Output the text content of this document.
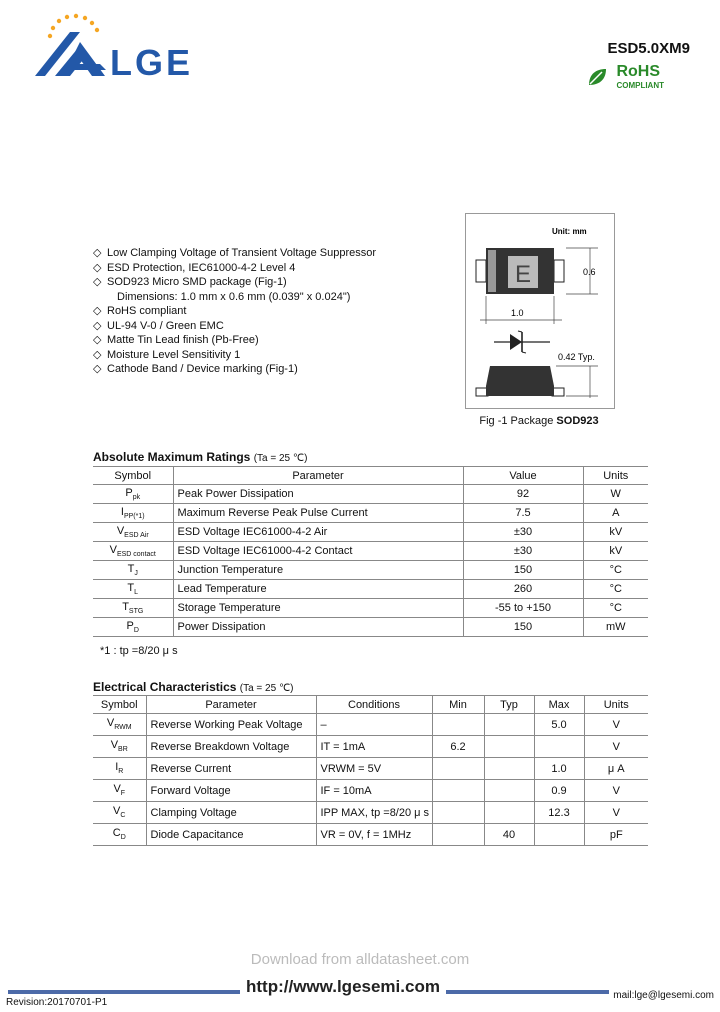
LGE	ESD5.0XM9
RoHS
COMPLIANT
◇ Low Clamping Voltage of Transient Voltage Suppressor
◇ ESD Protection, IEC61000-4-2 Level 4
◇ SOD923 Micro SMD package (Fig-1)
Dimensions: 1.0 mm x 0.6 mm (0.039" x 0.024")
◇ RoHS compliant
◇ UL-94 V-0 / Green EMC
◇ Matte Tin Lead finish (Pb-Free)
◇ Moisture Level Sensitivity 1
◇ Cathode Band / Device marking (Fig-1)
Unit: mm
E	0.6
1.0
0.42 Typ.
Fig -1 Package SOD923
Absolute Maximum Ratings (Ta = 25 ℃)
Symbol	Parameter	Value	Units
$P_{pk}$	Peak Power Dissipation	92	W
$I_{PP(*1)}$	Maximum Reverse Peak Pulse Current	7.5	A
$V_{ESD Air}$	ESD Voltage IEC61000-4-2 Air	±30	kV
$V_{ESD contact}$	ESD Voltage IEC61000-4-2 Contact	±30	kV
$T_J$	Junction Temperature	150	°C
$T_L$	Lead Temperature	260	°C
$T_{STG}$	Storage Temperature	-55 to +150	°C
$P_D$	Power Dissipation	150	mW
*1 : tp =8/20 μ s
Electrical Characteristics (Ta = 25 ℃)
Symbol	Parameter	Conditions	Min	Typ	Max	Units
$V_{RWM}$	Reverse Working Peak Voltage	–			5.0	V
$V_{BR}$	Reverse Breakdown Voltage	IT = 1mA	6.2			V
$I_R$	Reverse Current	VRWM = 5V			1.0	μ A
$V_F$	Forward Voltage	IF = 10mA			0.9	V
$V_C$	Clamping Voltage	IPP MAX, tp =8/20 μ s			12.3	V
$C_D$	Diode Capacitance	VR = 0V, f = 1MHz		40		pF
Download from alldatasheet.com
http://www.lgesemi.com
Revision:20170701-P1
mail:lge@lgesemi.com
